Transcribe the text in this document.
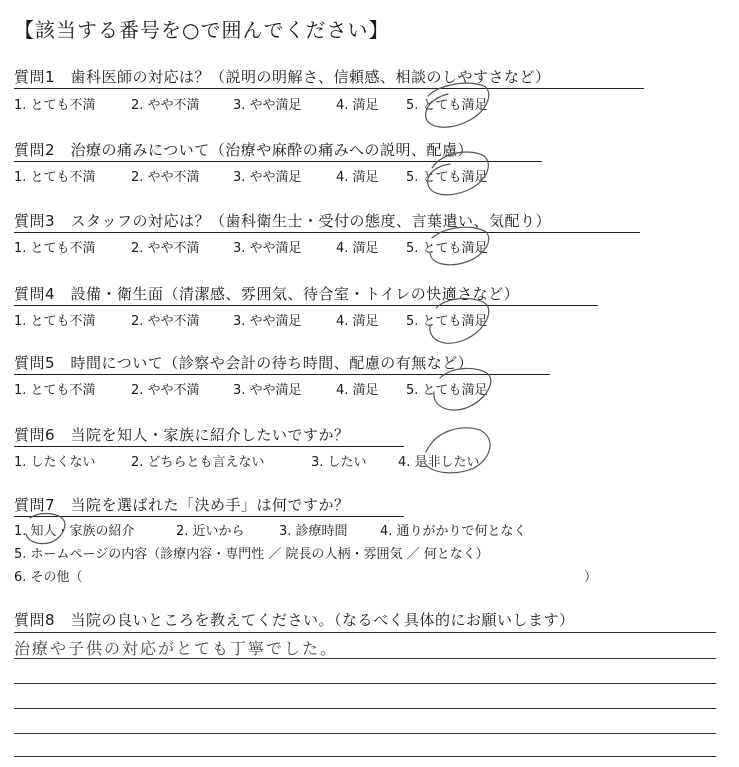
【該当する番号を○で囲んでください】
質問1　歯科医師の対応は？（説明の明解さ、信頼感、相談のしやすさなど）
1. とても不満	2. やや不満	3. やや満足	4. 満足 5. とても満足
質問2　治療の痛みについて（治療や麻酔の痛みへの説明、配慮）
1. とても不満	2. やや不満	3. やや満足	4. 満足 5. とても満足
質問3　スタッフの対応は？（歯科衛生士・受付の態度、言葉遣い、気配り）
1. とても不満	2. やや不満	3. やや満足	4. 満足 5. とても満足
質問4　設備・衛生面（清潔感、雰囲気、待合室・トイレの快適さなど）
1. とても不満	2. やや不満	3. やや満足	4. 満足 5. とても満足
質問5　時間について（診察や会計の待ち時間、配慮の有無など）
1. とても不満	2. やや不満	3. やや満足	4. 満足 5. とても満足
質問6　当院を知人・家族に紹介したいですか？
1. したくない	2. どちらとも言えない	3. したい 4. 是非したい
質問7　当院を選ばれた「決め手」は何ですか？
1. 知人・家族の紹介	2. 近いから	3. 診療時間 4. 通りがかりで何となく
5. ホームページの内容（診療内容・専門性 ／ 院長の人柄・雰囲気 ／ 何となく）
6. その他（	）
質問8　当院の良いところを教えてください。（なるべく具体的にお願いします）
治療や子供の対応がとても丁寧でした。
